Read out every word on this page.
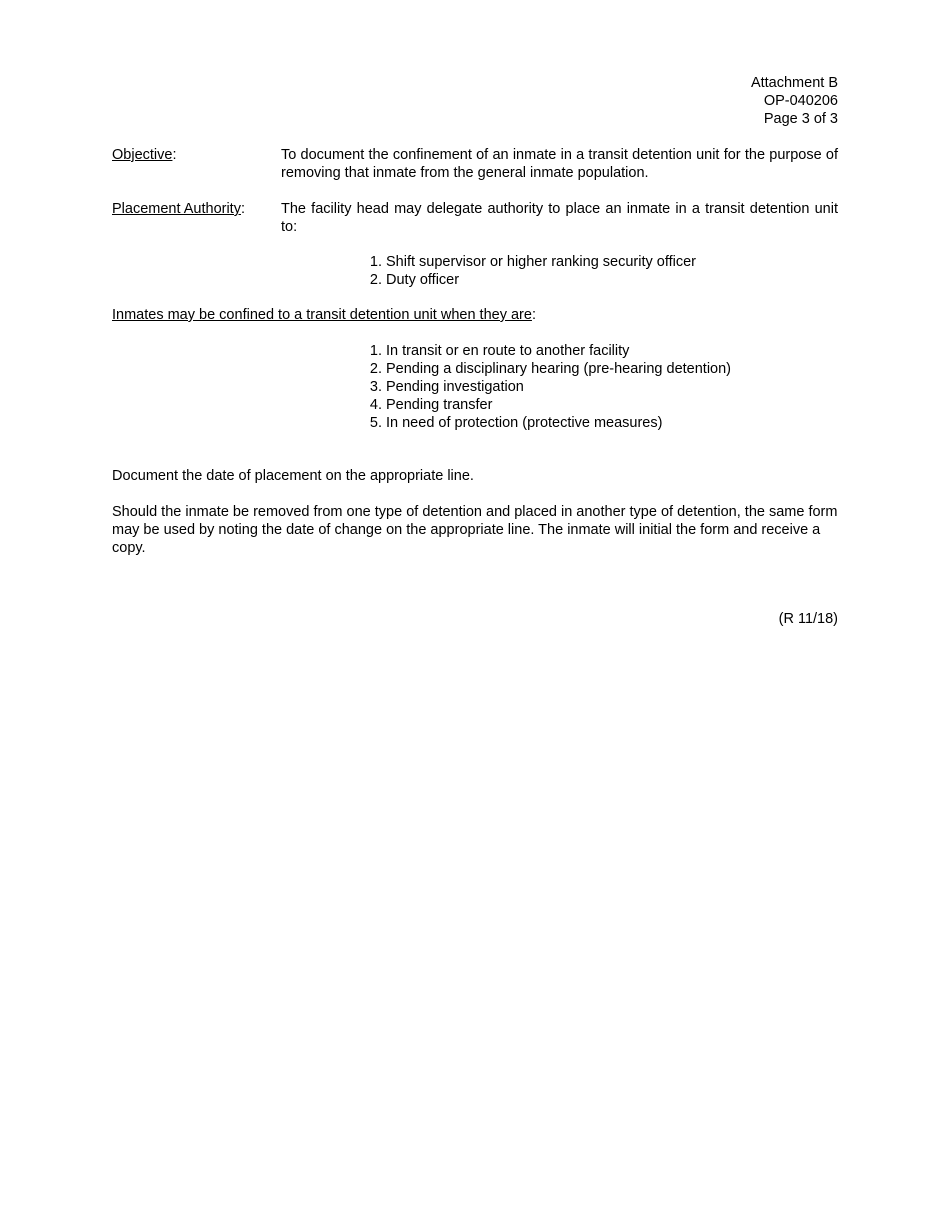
Attachment B
OP-040206
Page 3 of 3
Objective:	To document the confinement of an inmate in a transit detention unit for the purpose of removing that inmate from the general inmate population.
Placement Authority:	The facility head may delegate authority to place an inmate in a transit detention unit to:
1. Shift supervisor or higher ranking security officer
2. Duty officer
Inmates may be confined to a transit detention unit when they are:
1. In transit or en route to another facility
2. Pending a disciplinary hearing (pre-hearing detention)
3. Pending investigation
4. Pending transfer
5. In need of protection (protective measures)
Document the date of placement on the appropriate line.
Should the inmate be removed from one type of detention and placed in another type of detention, the same form may be used by noting the date of change on the appropriate line. The inmate will initial the form and receive a copy.
(R 11/18)
